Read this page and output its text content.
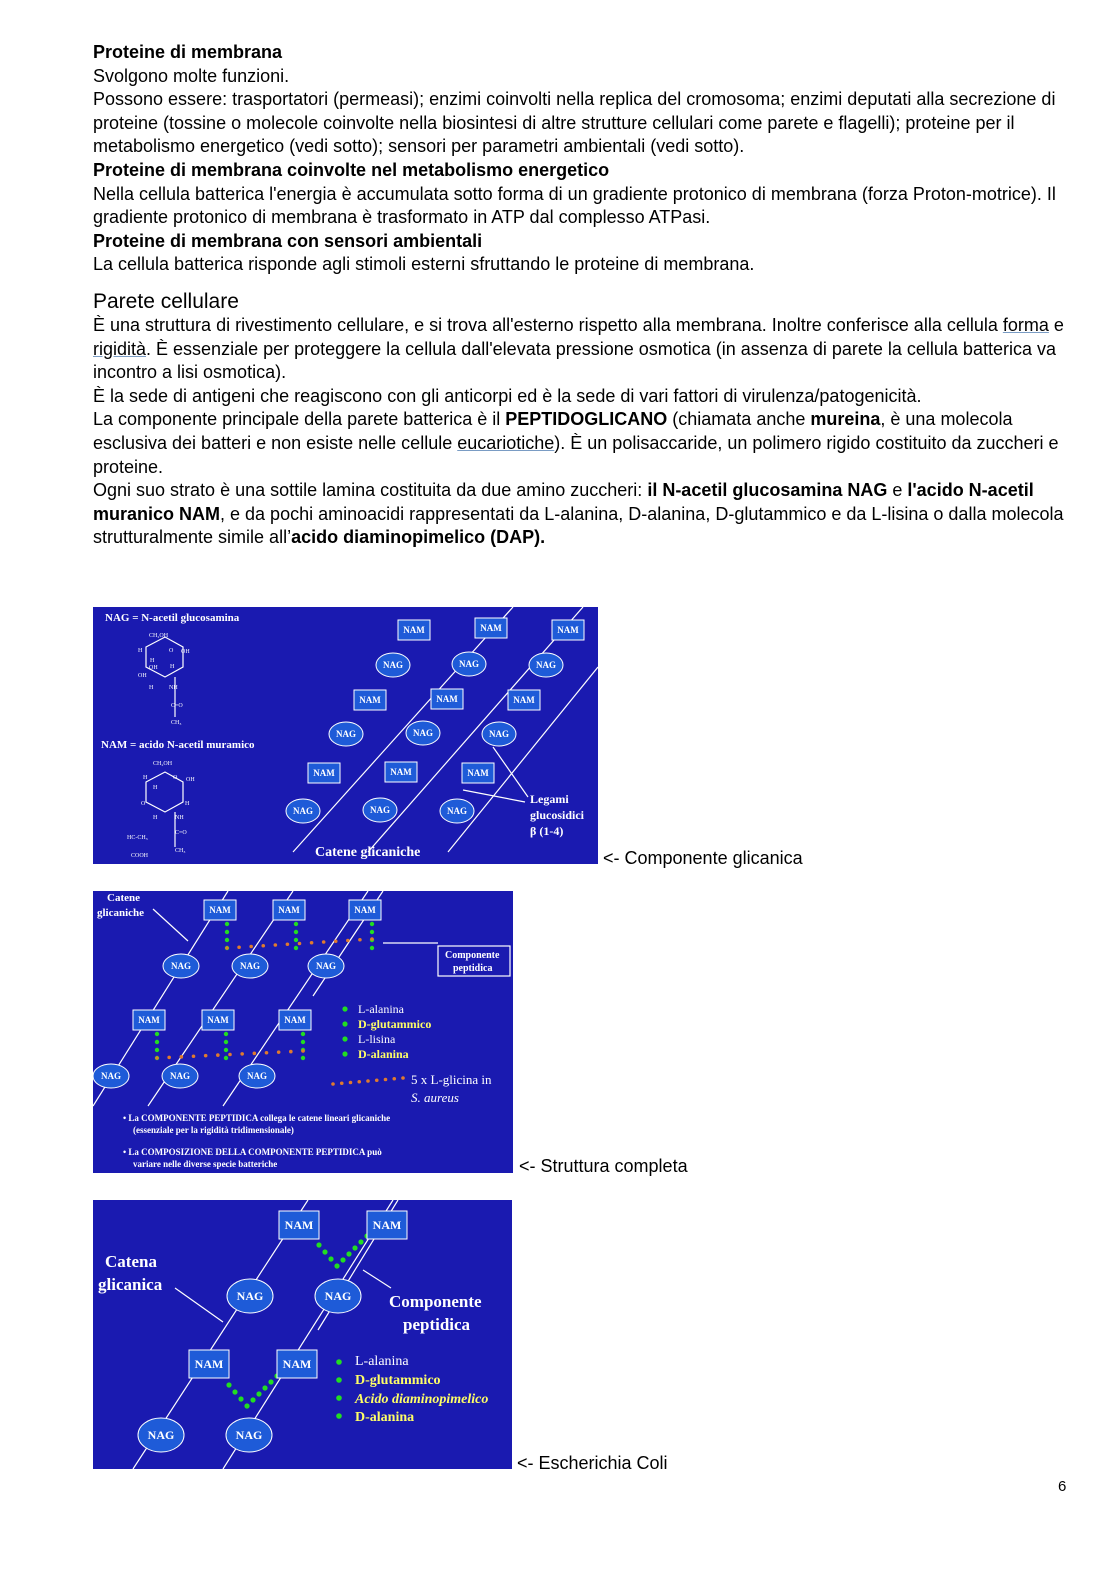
Proteine di membrana

Svolgono molte funzioni.

Possono essere: trasportatori (permeasi); enzimi coinvolti nella replica del cromosoma; enzimi deputati alla secrezione di proteine (tossine o molecole coinvolte nella biosintesi di altre strutture cellulari come parete e flagelli); proteine per il metabolismo energetico (vedi sotto); sensori per parametri ambientali (vedi sotto).

Proteine di membrana coinvolte nel metabolismo energetico

Nella cellula batterica l'energia è accumulata sotto forma di un gradiente protonico di membrana (forza Proton-motrice). Il gradiente protonico di membrana è trasformato in ATP dal complesso ATPasi.

Proteine di membrana con sensori ambientali

La cellula batterica risponde agli stimoli esterni sfruttando le proteine di membrana.

Parete cellulare

È una struttura di rivestimento cellulare, e si trova all'esterno rispetto alla membrana. Inoltre conferisce alla cellula forma e rigidità. È essenziale per proteggere la cellula dall'elevata pressione osmotica (in assenza di parete la cellula batterica va incontro a lisi osmotica).

È la sede di antigeni che reagiscono con gli anticorpi ed è la sede di vari fattori di virulenza/patogenicità.

La componente principale della parete batterica è il PEPTIDOGLICANO (chiamata anche mureina, è una molecola esclusiva dei batteri e non esiste nelle cellule eucariotiche). È un polisaccaride, un polimero rigido costituito da zuccheri e proteine.

Ogni suo strato è una sottile lamina costituita da due amino zuccheri: il N-acetil glucosamina NAG e l'acido N-acetil muranico NAM, e da pochi aminoacidi rappresentati da L-alanina, D-alanina, D-glutammico e da L-lisina o dalla molecola strutturalmente simile all’acido diaminopimelico (DAP).

NAG = N-acetil glucosamina
NAM = acido N-acetil muramico
CH₂OH
H	O OH
H
OH H
OH
H	NH
C=O
CH₃
CH₂OH
H	O OH
H
O	H
H	NH
HC-CH₃
C=O
COOH
CH₃
NAM	NAM	NAM
NAM	NAM	NAM
NAM	NAM	NAM
NAG	NAG	NAG
NAG	NAG	NAG
NAG	NAG	NAG
Legami
glucosidici
β (1-4)
Catene glicaniche	<- Componente glicanica
Catene
glicaniche
Componente
peptidica
NAM	NAM	NAM
NAM	NAM	NAM
NAG	NAG	NAG
NAG	NAG	NAG
L-alanina
D-glutammico
L-lisina
D-alanina
5 x L-glicina in
S. aureus
• La COMPONENTE PEPTIDICA collega le catene lineari glicaniche
(essenziale per la rigidità tridimensionale)
• La COMPOSIZIONE DELLA COMPONENTE PEPTIDICA può
variare nelle diverse specie batteriche	<- Struttura completa
Catena
glicanica
Componente
peptidica
NAM	NAM
NAM	NAM
NAG	NAG
NAG	NAG
L-alanina
D-glutammico
Acido diaminopimelico
D-alanina
<- Escherichia Coli
6
